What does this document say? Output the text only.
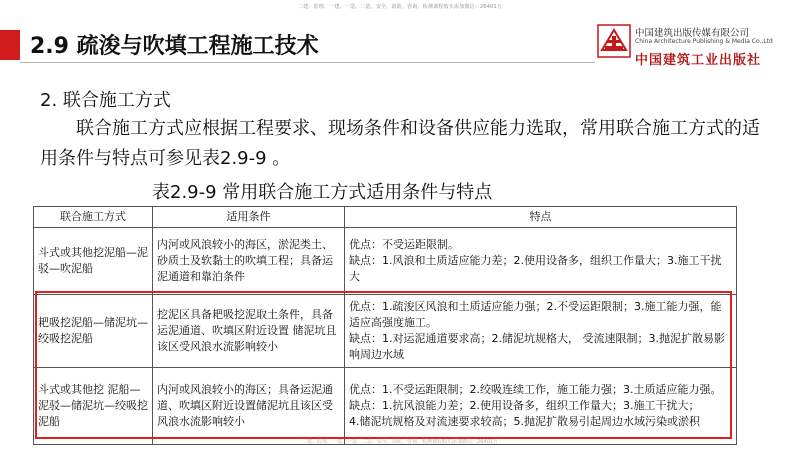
二建、监理、一建、一造、二造、安全、消防、咨询、检测课程购买添加微信：26401万
2.9 疏浚与吹填工程施工技术
中国建筑出版传媒有限公司
China Architecture Publishing & Media Co.,Ltd
中国建筑工业出版社
2. 联合施工方式
联合施工方式应根据工程要求、现场条件和设备供应能力选取，常用联合施工方式的适用条件与特点可参见表2.9-9 。
表2.9-9 常用联合施工方式适用条件与特点
联合施工方式	适用条件	特点
斗式或其他挖泥船—泥驳—吹泥船	内河或风浪较小的海区，淤泥类土、砂质土及软黏土的吹填工程；具备运泥通道和靠泊条件	优点：不受运距限制。
缺点：1.风浪和土质适应能力差；2.使用设备多，组织工作量大；3.施工干扰大

耙吸挖泥船—储泥坑—绞吸挖泥船	挖泥区具备耙吸挖泥取土条件，具备运泥通道、吹填区附近设置 储泥坑且该区受风浪水流影响较小	优点：1.疏浚区风浪和土质适应能力强；2.不受运距限制；3.施工能力强，能适应高强度施工。
缺点：1.对运泥通道要求高；2.储泥坑规格大， 受流速限制；3.抛泥扩散易影响周边水域

斗式或其他挖 泥船—泥驳—储泥坑—绞吸挖泥船	内河或风浪较小的海区；具备运泥通道、吹填区附近设置储泥坑且该区受风浪水流影响较小	优点：1.不受运距限制；2.绞吸连续工作，施工能力强；3.土质适应能力强。
缺点：1.抗风浪能力差；2.使用设备多，组织工作量大；3.施工干扰大；
4.储泥坑规格及对流速要求较高；5.抛泥扩散易引起周边水域污染或淤积
二建、监理、一建、一造、二造、安全、消防、咨询、检测课程购买添加微信：26401万
